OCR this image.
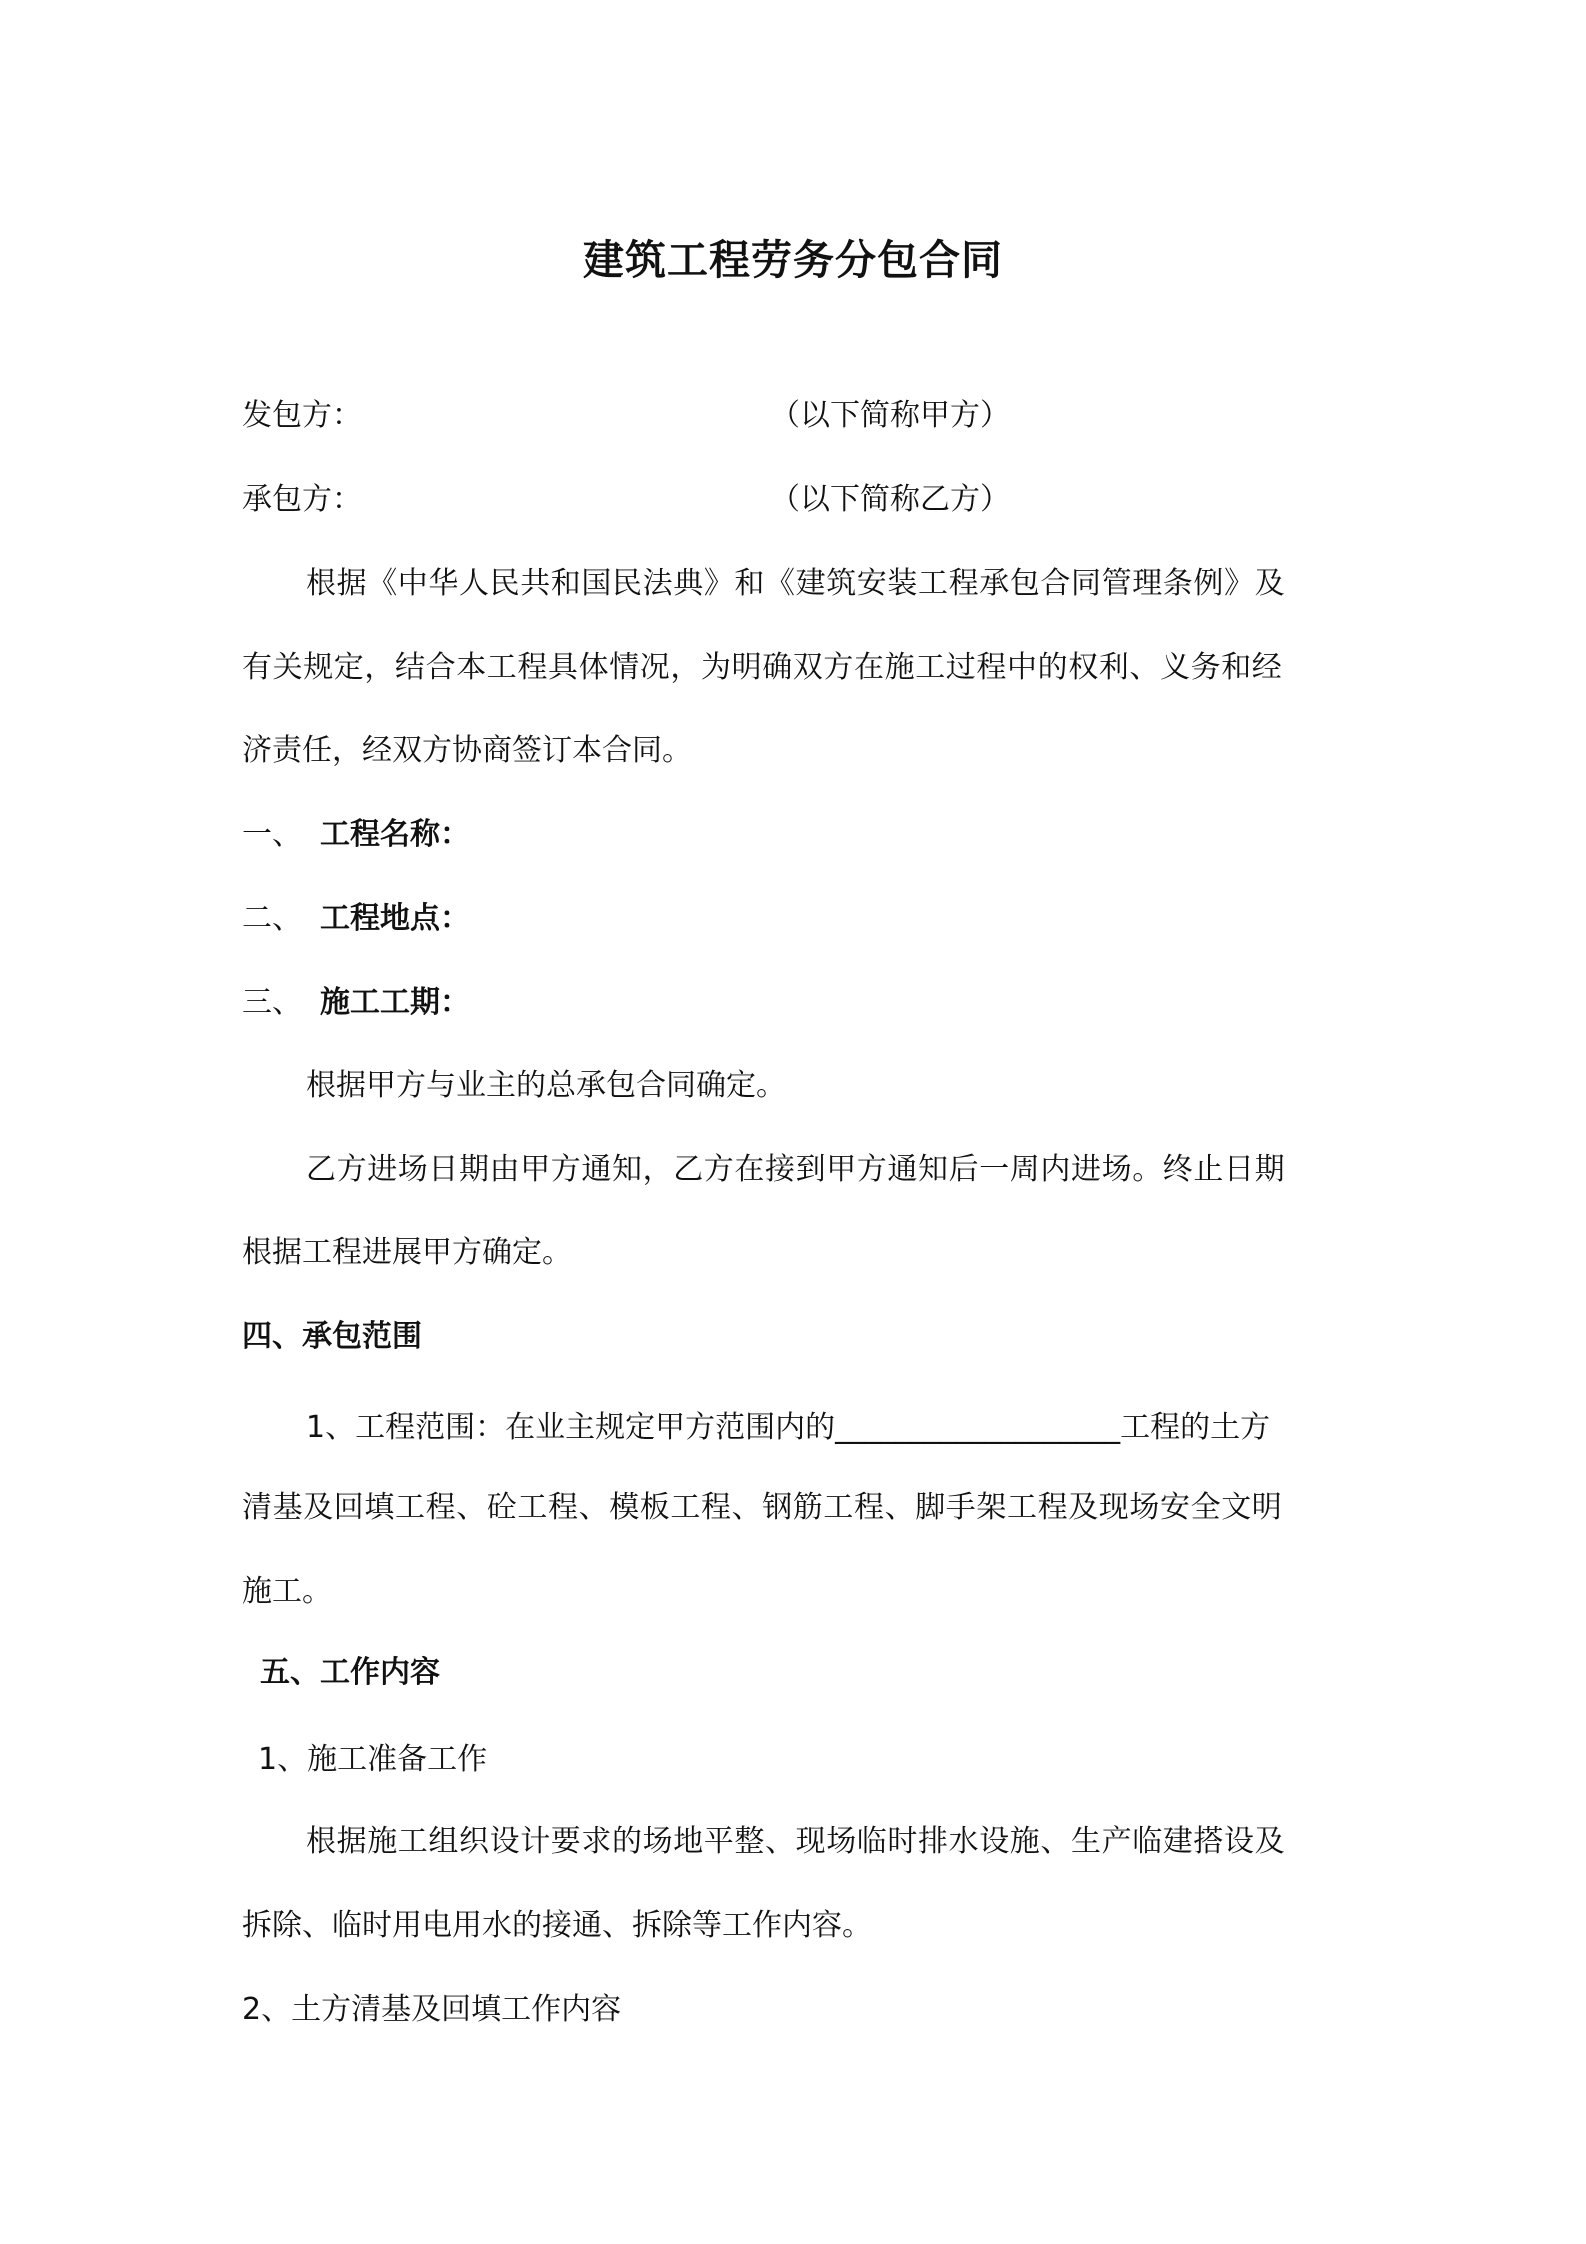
建筑工程劳务分包合同
发包方：	（以下简称甲方）
承包方：	（以下简称乙方）
根据《中华人民共和国民法典》和《建筑安装工程承包合同管理条例》及
有关规定，结合本工程具体情况，为明确双方在施工过程中的权利、义务和经
济责任，经双方协商签订本合同。
一、 工程名称：
二、 工程地点：
三、 施工工期：
根据甲方与业主的总承包合同确定。
乙方进场日期由甲方通知，乙方在接到甲方通知后一周内进场。终止日期
根据工程进展甲方确定。
四、承包范围
1、工程范围：在业主规定甲方范围内的___________________工程的土方
清基及回填工程、砼工程、模板工程、钢筋工程、脚手架工程及现场安全文明
施工。
五、工作内容
1、施工准备工作
根据施工组织设计要求的场地平整、现场临时排水设施、生产临建搭设及
拆除、临时用电用水的接通、拆除等工作内容。
2、土方清基及回填工作内容
